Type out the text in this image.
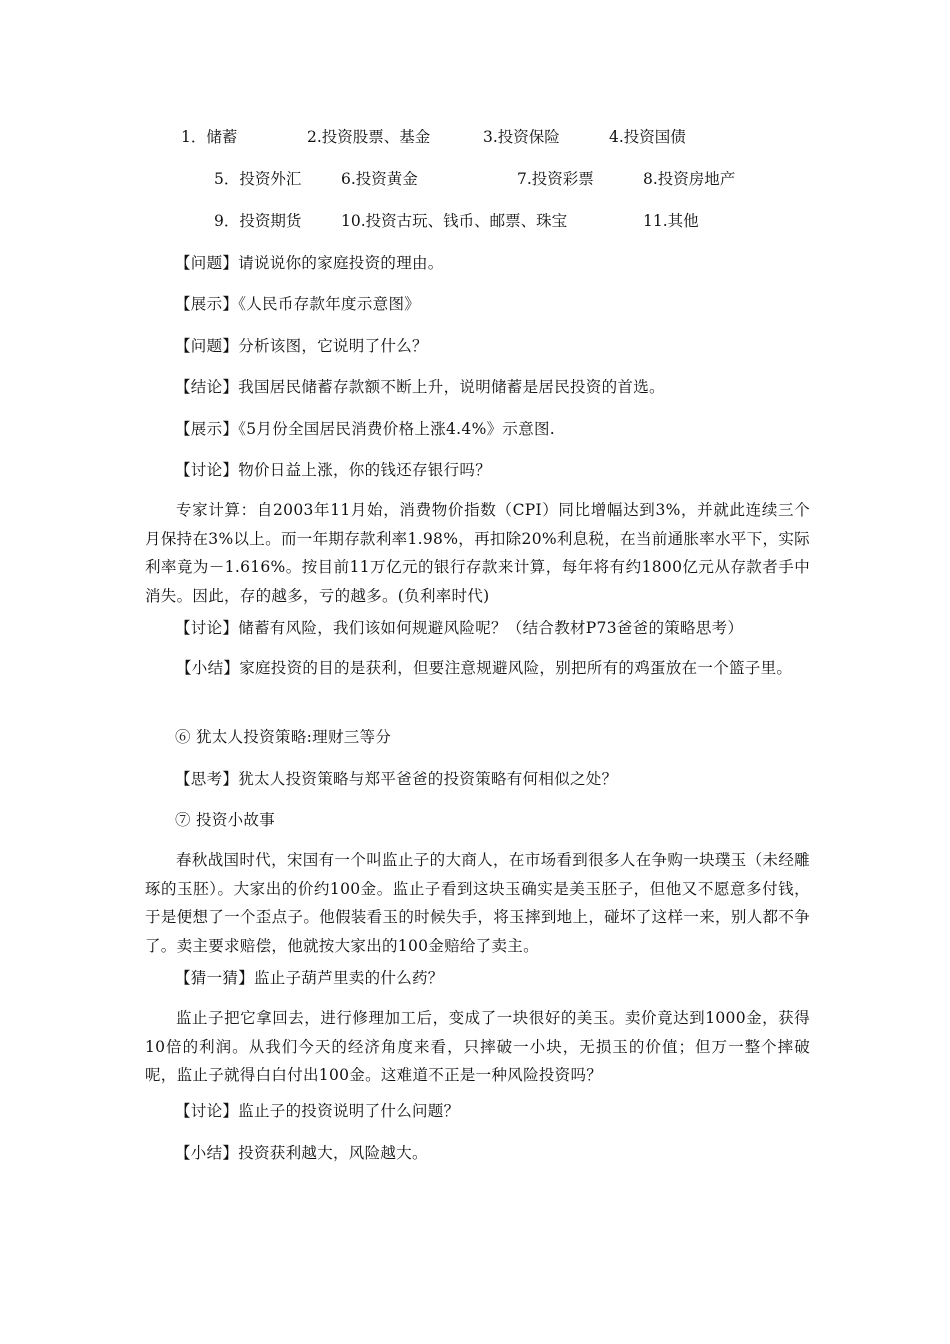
1．储蓄	2.投资股票、基金	3.投资保险	4.投资国债
5．投资外汇	6.投资黄金	7.投资彩票	8.投资房地产
9．投资期货	10.投资古玩、钱币、邮票、珠宝	11.其他
【问题】请说说你的家庭投资的理由。
【展示】《人民币存款年度示意图》
【问题】分析该图，它说明了什么？
【结论】我国居民储蓄存款额不断上升，说明储蓄是居民投资的首选。
【展示】《5月份全国居民消费价格上涨4.4%》示意图.
【讨论】物价日益上涨，你的钱还存银行吗？
专家计算：自2003年11月始，消费物价指数（CPI）同比增幅达到3%，并就此连续三个月保持在3%以上。而一年期存款利率1.98%，再扣除20%利息税，在当前通胀率水平下，实际利率竟为－1.616%。按目前11万亿元的银行存款来计算，每年将有约1800亿元从存款者手中消失。因此，存的越多，亏的越多。(负利率时代)
【讨论】储蓄有风险，我们该如何规避风险呢？（结合教材P73爸爸的策略思考）
【小结】家庭投资的目的是获利，但要注意规避风险，别把所有的鸡蛋放在一个篮子里。
⑥ 犹太人投资策略:理财三等分
【思考】犹太人投资策略与郑平爸爸的投资策略有何相似之处？
⑦ 投资小故事
春秋战国时代，宋国有一个叫监止子的大商人，在市场看到很多人在争购一块璞玉（未经雕琢的玉胚）。大家出的价约100金。监止子看到这块玉确实是美玉胚子，但他又不愿意多付钱，于是便想了一个歪点子。他假装看玉的时候失手，将玉摔到地上，碰坏了这样一来，别人都不争了。卖主要求赔偿，他就按大家出的100金赔给了卖主。
【猜一猜】监止子葫芦里卖的什么药？
监止子把它拿回去，进行修理加工后，变成了一块很好的美玉。卖价竟达到1000金，获得10倍的利润。从我们今天的经济角度来看，只摔破一小块，无损玉的价值；但万一整个摔破呢，监止子就得白白付出100金。这难道不正是一种风险投资吗？
【讨论】监止子的投资说明了什么问题？
【小结】投资获利越大，风险越大。
